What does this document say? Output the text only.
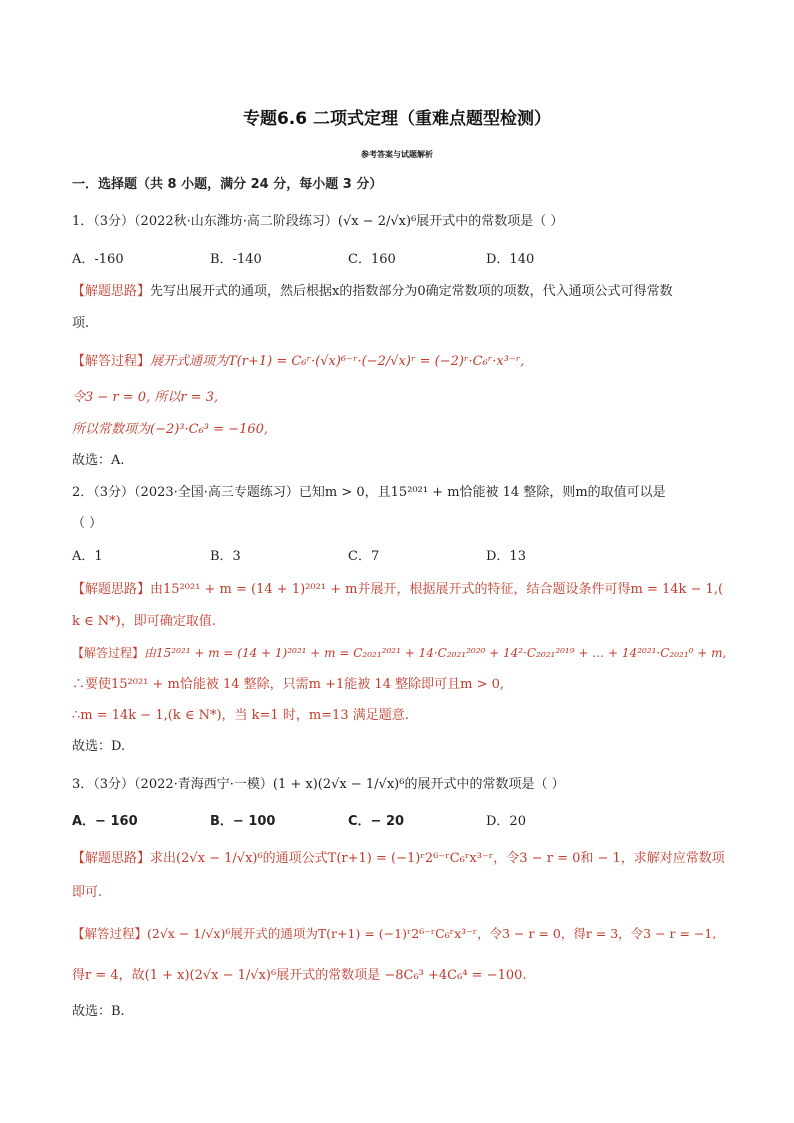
专题6.6 二项式定理（重难点题型检测）
参考答案与试题解析
一．选择题（共 8 小题，满分 24 分，每小题 3 分）
1．（3分）（2022秋·山东潍坊·高二阶段练习）(√x − 2/√x)⁶展开式中的常数项是（ ）
A．-160	B．-140	C．160	D．140
【解题思路】先写出展开式的通项，然后根据x的指数部分为0确定常数项的项数，代入通项公式可得常数
项.
【解答过程】展开式通项为T(r+1) = C₆ʳ·(√x)⁶⁻ʳ·(−2/√x)ʳ = (−2)ʳ·C₆ʳ·x³⁻ʳ,
令3 − r = 0, 所以r = 3,
所以常数项为(−2)³·C₆³ = −160,
故选：A.
2．（3分）（2023·全国·高三专题练习）已知m > 0，且15²⁰²¹ + m恰能被 14 整除，则m的取值可以是
（ ）
A．1	B．3	C．7	D．13
【解题思路】由15²⁰²¹ + m = (14 + 1)²⁰²¹ + m并展开，根据展开式的特征，结合题设条件可得m = 14k − 1,(
k ∈ N*)，即可确定取值.
【解答过程】由15²⁰²¹ + m = (14 + 1)²⁰²¹ + m = C₂₀₂₁²⁰²¹ + 14·C₂₀₂₁²⁰²⁰ + 14²·C₂₀₂₁²⁰¹⁹ + … + 14²⁰²¹·C₂₀₂₁⁰ + m,
∴要使15²⁰²¹ + m恰能被 14 整除，只需m +1能被 14 整除即可且m > 0,
∴m = 14k − 1,(k ∈ N*)，当 k=1 时，m=13 满足题意.
故选：D.
3．（3分）（2022·青海西宁·一模）(1 + x)(2√x − 1/√x)⁶的展开式中的常数项是（ ）
A．− 160	B．− 100	C．− 20	D．20
【解题思路】求出(2√x − 1/√x)⁶的通项公式T(r+1) = (−1)ʳ2⁶⁻ʳC₆ʳx³⁻ʳ，令3 − r = 0和 − 1，求解对应常数项
即可.
【解答过程】(2√x − 1/√x)⁶展开式的通项为T(r+1) = (−1)ʳ2⁶⁻ʳC₆ʳx³⁻ʳ，令3 − r = 0，得r = 3，令3 − r = −1,
得r = 4，故(1 + x)(2√x − 1/√x)⁶展开式的常数项是 −8C₆³ +4C₆⁴ = −100.
故选：B.
